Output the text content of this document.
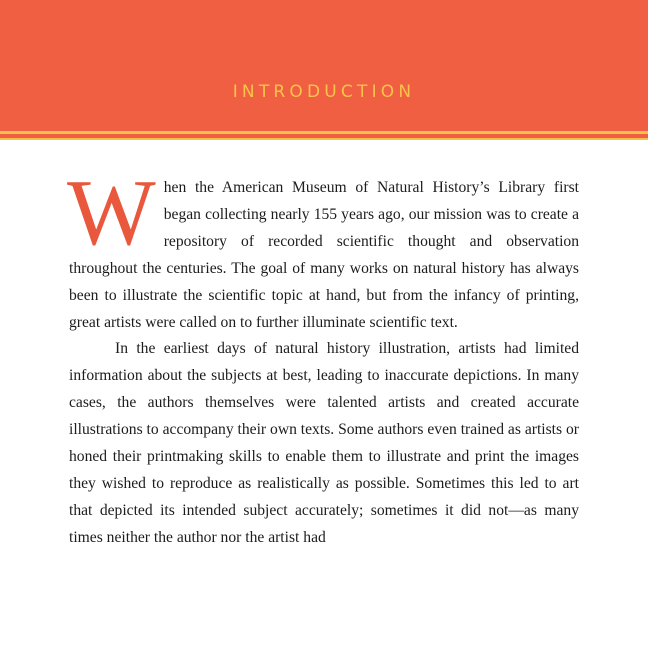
INTRODUCTION

W hen the American Museum of Natural History’s Library first began collecting nearly 155 years ago, our mission was to create a repository of recorded scientific thought and observation throughout the centuries. The goal of many works on natural history has always been to illustrate the scientific topic at hand, but from the infancy of printing, great artists were called on to further illuminate scientific text.

In the earliest days of natural history illustration, artists had limited information about the subjects at best, leading to inaccurate depictions. In many cases, the authors themselves were talented artists and created accurate illustrations to accompany their own texts. Some authors even trained as artists or honed their printmaking skills to enable them to illustrate and print the images they wished to reproduce as realistically as possible. Sometimes this led to art that depicted its intended subject accurately; sometimes it did not—as many times neither the author nor the artist had
